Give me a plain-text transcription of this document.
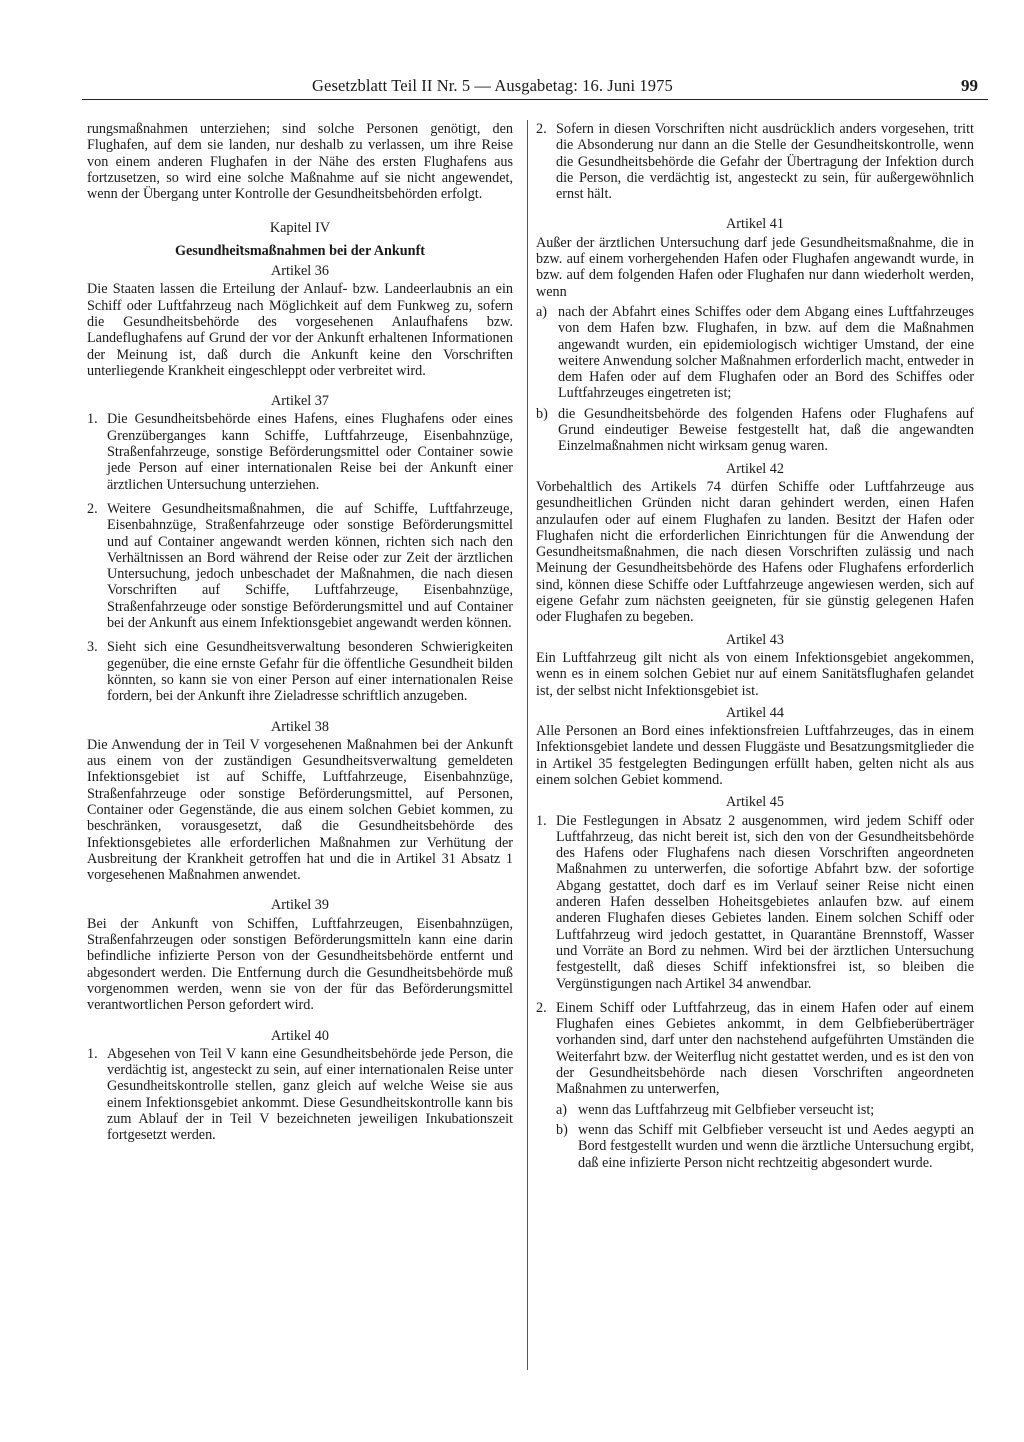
Gesetzblatt Teil II Nr. 5 — Ausgabetag: 16. Juni 1975	99

rungsmaßnahmen unterziehen; sind solche Personen genötigt, den Flughafen, auf dem sie landen, nur deshalb zu verlassen, um ihre Reise von einem anderen Flughafen in der Nähe des ersten Flughafens aus fortzusetzen, so wird eine solche Maßnahme auf sie nicht angewendet, wenn der Übergang unter Kontrolle der Gesundheitsbehörden erfolgt.

Kapitel IV
Gesundheitsmaßnahmen bei der Ankunft
Artikel 36

Die Staaten lassen die Erteilung der Anlauf- bzw. Landeerlaubnis an ein Schiff oder Luftfahrzeug nach Möglichkeit auf dem Funkweg zu, sofern die Gesundheitsbehörde des vorgesehenen Anlaufhafens bzw. Landeflughafens auf Grund der vor der Ankunft erhaltenen Informationen der Meinung ist, daß durch die Ankunft keine den Vorschriften unterliegende Krankheit eingeschleppt oder verbreitet wird.

Artikel 37
1. Die Gesundheitsbehörde eines Hafens, eines Flughafens oder eines Grenzüberganges kann Schiffe, Luftfahrzeuge, Eisenbahnzüge, Straßenfahrzeuge, sonstige Beförderungsmittel oder Container sowie jede Person auf einer internationalen Reise bei der Ankunft einer ärztlichen Untersuchung unterziehen.
2. Weitere Gesundheitsmaßnahmen, die auf Schiffe, Luftfahrzeuge, Eisenbahnzüge, Straßenfahrzeuge oder sonstige Beförderungsmittel und auf Container angewandt werden können, richten sich nach den Verhältnissen an Bord während der Reise oder zur Zeit der ärztlichen Untersuchung, jedoch unbeschadet der Maßnahmen, die nach diesen Vorschriften auf Schiffe, Luftfahrzeuge, Eisenbahnzüge, Straßenfahrzeuge oder sonstige Beförderungsmittel und auf Container bei der Ankunft aus einem Infektionsgebiet angewandt werden können.
3. Sieht sich eine Gesundheitsverwaltung besonderen Schwierigkeiten gegenüber, die eine ernste Gefahr für die öffentliche Gesundheit bilden könnten, so kann sie von einer Person auf einer internationalen Reise fordern, bei der Ankunft ihre Zieladresse schriftlich anzugeben.
Artikel 38

Die Anwendung der in Teil V vorgesehenen Maßnahmen bei der Ankunft aus einem von der zuständigen Gesundheitsverwaltung gemeldeten Infektionsgebiet ist auf Schiffe, Luftfahrzeuge, Eisenbahnzüge, Straßenfahrzeuge oder sonstige Beförderungsmittel, auf Personen, Container oder Gegenstände, die aus einem solchen Gebiet kommen, zu beschränken, vorausgesetzt, daß die Gesundheitsbehörde des Infektionsgebietes alle erforderlichen Maßnahmen zur Verhütung der Ausbreitung der Krankheit getroffen hat und die in Artikel 31 Absatz 1 vorgesehenen Maßnahmen anwendet.

Artikel 39

Bei der Ankunft von Schiffen, Luftfahrzeugen, Eisenbahnzügen, Straßenfahrzeugen oder sonstigen Beförderungsmitteln kann eine darin befindliche infizierte Person von der Gesundheitsbehörde entfernt und abgesondert werden. Die Entfernung durch die Gesundheitsbehörde muß vorgenommen werden, wenn sie von der für das Beförderungsmittel verantwortlichen Person gefordert wird.

Artikel 40
1. Abgesehen von Teil V kann eine Gesundheitsbehörde jede Person, die verdächtig ist, angesteckt zu sein, auf einer internationalen Reise unter Gesundheitskontrolle stellen, ganz gleich auf welche Weise sie aus einem Infektionsgebiet ankommt. Diese Gesundheitskontrolle kann bis zum Ablauf der in Teil V bezeichneten jeweiligen Inkubationszeit fortgesetzt werden.
2. Sofern in diesen Vorschriften nicht ausdrücklich anders vorgesehen, tritt die Absonderung nur dann an die Stelle der Gesundheitskontrolle, wenn die Gesundheitsbehörde die Gefahr der Übertragung der Infektion durch die Person, die verdächtig ist, angesteckt zu sein, für außergewöhnlich ernst hält.
Artikel 41

Außer der ärztlichen Untersuchung darf jede Gesundheitsmaßnahme, die in bzw. auf einem vorhergehenden Hafen oder Flughafen angewandt wurde, in bzw. auf dem folgenden Hafen oder Flughafen nur dann wiederholt werden, wenn

a) nach der Abfahrt eines Schiffes oder dem Abgang eines Luftfahrzeuges von dem Hafen bzw. Flughafen, in bzw. auf dem die Maßnahmen angewandt wurden, ein epidemiologisch wichtiger Umstand, der eine weitere Anwendung solcher Maßnahmen erforderlich macht, entweder in dem Hafen oder auf dem Flughafen oder an Bord des Schiffes oder Luftfahrzeuges eingetreten ist;
b) die Gesundheitsbehörde des folgenden Hafens oder Flughafens auf Grund eindeutiger Beweise festgestellt hat, daß die angewandten Einzelmaßnahmen nicht wirksam genug waren.
Artikel 42

Vorbehaltlich des Artikels 74 dürfen Schiffe oder Luftfahrzeuge aus gesundheitlichen Gründen nicht daran gehindert werden, einen Hafen anzulaufen oder auf einem Flughafen zu landen. Besitzt der Hafen oder Flughafen nicht die erforderlichen Einrichtungen für die Anwendung der Gesundheitsmaßnahmen, die nach diesen Vorschriften zulässig und nach Meinung der Gesundheitsbehörde des Hafens oder Flughafens erforderlich sind, können diese Schiffe oder Luftfahrzeuge angewiesen werden, sich auf eigene Gefahr zum nächsten geeigneten, für sie günstig gelegenen Hafen oder Flughafen zu begeben.

Artikel 43

Ein Luftfahrzeug gilt nicht als von einem Infektionsgebiet angekommen, wenn es in einem solchen Gebiet nur auf einem Sanitätsflughafen gelandet ist, der selbst nicht Infektionsgebiet ist.

Artikel 44

Alle Personen an Bord eines infektionsfreien Luftfahrzeuges, das in einem Infektionsgebiet landete und dessen Fluggäste und Besatzungsmitglieder die in Artikel 35 festgelegten Bedingungen erfüllt haben, gelten nicht als aus einem solchen Gebiet kommend.

Artikel 45
1. Die Festlegungen in Absatz 2 ausgenommen, wird jedem Schiff oder Luftfahrzeug, das nicht bereit ist, sich den von der Gesundheitsbehörde des Hafens oder Flughafens nach diesen Vorschriften angeordneten Maßnahmen zu unterwerfen, die sofortige Abfahrt bzw. der sofortige Abgang gestattet, doch darf es im Verlauf seiner Reise nicht einen anderen Hafen desselben Hoheitsgebietes anlaufen bzw. auf einem anderen Flughafen dieses Gebietes landen. Einem solchen Schiff oder Luftfahrzeug wird jedoch gestattet, in Quarantäne Brennstoff, Wasser und Vorräte an Bord zu nehmen. Wird bei der ärztlichen Untersuchung festgestellt, daß dieses Schiff infektionsfrei ist, so bleiben die Vergünstigungen nach Artikel 34 anwendbar.
2. Einem Schiff oder Luftfahrzeug, das in einem Hafen oder auf einem Flughafen eines Gebietes ankommt, in dem Gelbfieberüberträger vorhanden sind, darf unter den nachstehend aufgeführten Umständen die Weiterfahrt bzw. der Weiterflug nicht gestattet werden, und es ist den von der Gesundheitsbehörde nach diesen Vorschriften angeordneten Maßnahmen zu unterwerfen,
a) wenn das Luftfahrzeug mit Gelbfieber verseucht ist;
b) wenn das Schiff mit Gelbfieber verseucht ist und Aedes aegypti an Bord festgestellt wurden und wenn die ärztliche Untersuchung ergibt, daß eine infizierte Person nicht rechtzeitig abgesondert wurde.
